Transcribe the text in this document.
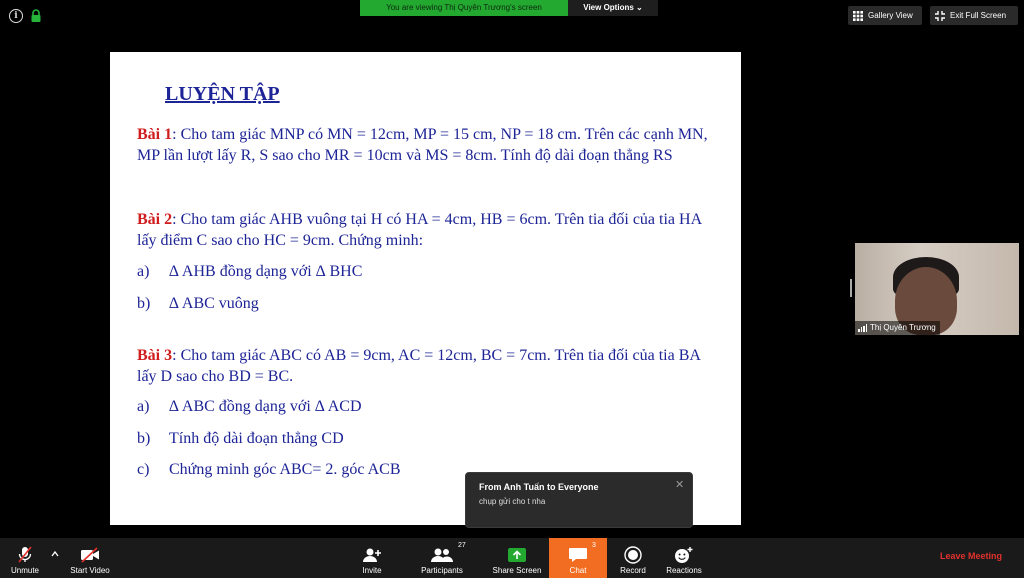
i
You are viewing Thị Quyên Trương's screen	View Options ⌄
Gallery View	Exit Full Screen
LUYỆN TẬP
Bài 1: Cho tam giác MNP có MN = 12cm, MP = 15 cm, NP = 18 cm. Trên các cạnh MN, MP lần lượt lấy R, S sao cho MR = 10cm và MS = 8cm. Tính độ dài đoạn thẳng RS
Bài 2: Cho tam giác AHB vuông tại H có HA = 4cm, HB = 6cm. Trên tia đối của tia HA lấy điểm C sao cho HC = 9cm. Chứng minh:
a) ∆ AHB đồng dạng với ∆ BHC
b) ∆ ABC vuông
Bài 3: Cho tam giác ABC có AB = 9cm, AC = 12cm, BC = 7cm. Trên tia đối của tia BA lấy D sao cho BD = BC.
a) ∆ ABC đồng dạng với ∆ ACD
b) Tính độ dài đoạn thẳng CD
c) Chứng minh góc ABC= 2. góc ACB
Thị Quyên Trương
From Anh Tuấn to Everyone
chụp gửi cho t nha
✕
Unmute	Start Video	Invite
27
Participants	Share Screen
3
Chat	Record	Reactions
Leave Meeting
